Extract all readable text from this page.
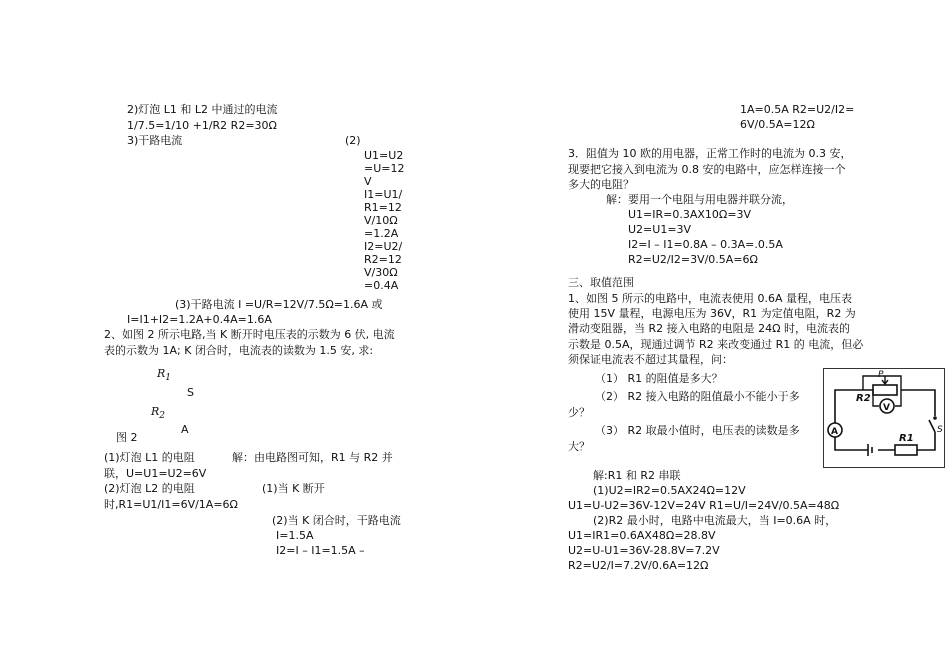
2)灯泡 L1 和 L2 中通过的电流
1/7.5=1/10 +1/R2 R2=30Ω
3)干路电流	(2)
U1=U2
=U=12
V
I1=U1/
R1=12
V/10Ω
=1.2A
I2=U2/
R2=12
V/30Ω
=0.4A
(3)干路电流 I =U/R=12V/7.5Ω=1.6A 或
I=I1+I2=1.2A+0.4A=1.6A
2、如图 2 所示电路,当 K 断开时电压表的示数为 6 伏, 电流
表的示数为 1A; K 闭合时，电流表的读数为 1.5 安, 求:
$R_1$
S
$R_2$
A
图 2
(1)灯泡 L1 的电阻	解：由电路图可知，R1 与 R2 并
联，U=U1=U2=6V
(2)灯泡 L2 的电阻	(1)当 K 断开
时,R1=U1/I1=6V/1A=6Ω
(2)当 K 闭合时，干路电流
I=1.5A
I2=I – I1=1.5A –
1A=0.5A R2=U2/I2=
6V/0.5A=12Ω
3．阻值为 10 欧的用电器，正常工作时的电流为 0.3 安，
现要把它接入到电流为 0.8 安的电路中，应怎样连接一个
多大的电阻？
解：要用一个电阻与用电器并联分流，
U1=IR=0.3AX10Ω=3V
U2=U1=3V
I2=I – I1=0.8A – 0.3A=.0.5A
R2=U2/I2=3V/0.5A=6Ω
三、取值范围
1、如图 5 所示的电路中，电流表使用 0.6A 量程，电压表
使用 15V 量程，电源电压为 36V，R1 为定值电阻，R2 为
滑动变阻器，当 R2 接入电路的电阻是 24Ω 时，电流表的
示数是 0.5A，现通过调节 R2 来改变通过 R1 的 电流，但必
须保证电流表不超过其量程，问：
（1） R1 的阻值是多大？
（2） R2 接入电路的阻值最小不能小于多
少？
（3） R2 取最小值时，电压表的读数是多
大？
解:R1 和 R2 串联
(1)U2=IR2=0.5AX24Ω=12V
U1=U-U2=36V-12V=24V R1=U/I=24V/0.5A=48Ω
(2)R2 最小时，电路中电流最大，当 I=0.6A 时，
U1=IR1=0.6AX48Ω=28.8V
U2=U-U1=36V-28.8V=7.2V
R2=U2/I=7.2V/0.6A=12Ω
P
R2
V
A
R1
S
